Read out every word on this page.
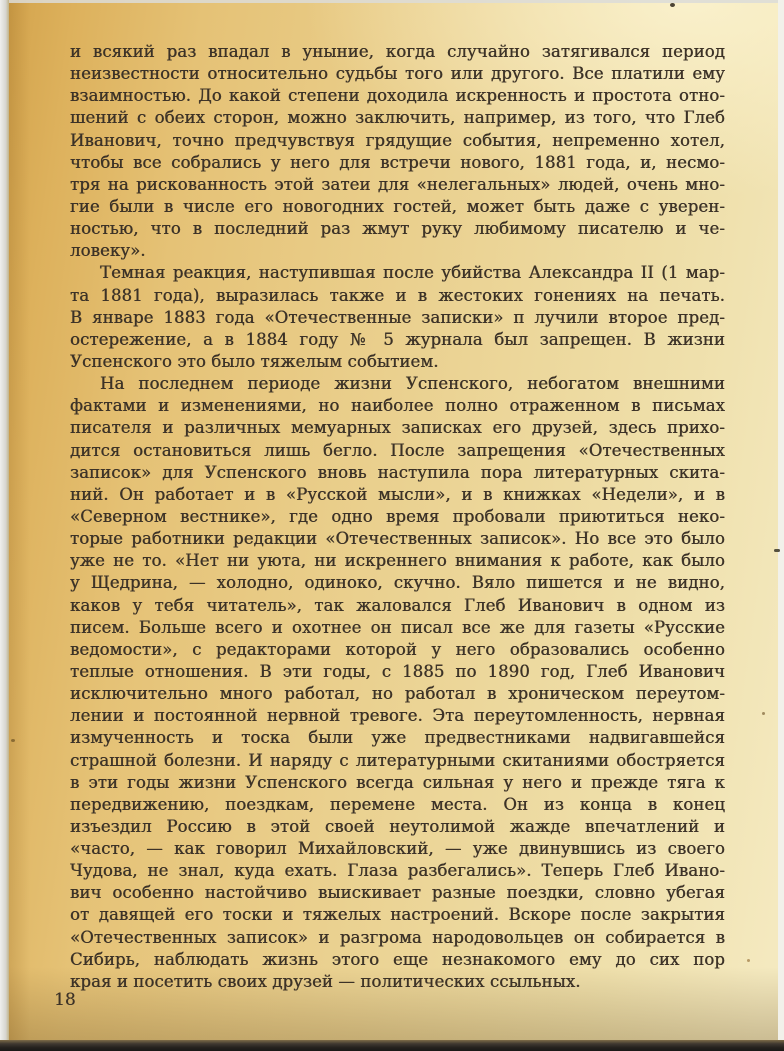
и всякий раз впадал в уныние, когда случайно затягивался период
неизвестности относительно судьбы того или другого. Все платили ему
взаимностью. До какой степени доходила искренность и простота отно-
шений с обеих сторон, можно заключить, например, из того, что Глеб
Иванович, точно предчувствуя грядущие события, непременно хотел,
чтобы все собрались у него для встречи нового, 1881 года, и, несмо-
тря на рискованность этой затеи для «нелегальных» людей, очень мно-
гие были в числе его новогодних гостей, может быть даже с уверен-
ностью, что в последний раз жмут руку любимому писателю и че-
ловеку».
Темная реакция, наступившая после убийства Александра II (1 мар-
та 1881 года), выразилась также и в жестоких гонениях на печать.
В январе 1883 года «Отечественные записки» п лучили второе пред-
остережение, а в 1884 году № 5 журнала был запрещен. В жизни
Успенского это было тяжелым событием.
На последнем периоде жизни Успенского, небогатом внешними
фактами и изменениями, но наиболее полно отраженном в письмах
писателя и различных мемуарных записках его друзей, здесь прихо-
дится остановиться лишь бегло. После запрещения «Отечественных
записок» для Успенского вновь наступила пора литературных скита-
ний. Он работает и в «Русской мысли», и в книжках «Недели», и в
«Северном вестнике», где одно время пробовали приютиться неко-
торые работники редакции «Отечественных записок». Но все это было
уже не то. «Нет ни уюта, ни искреннего внимания к работе, как было
у Щедрина, — холодно, одиноко, скучно. Вяло пишется и не видно,
каков у тебя читатель», так жаловался Глеб Иванович в одном из
писем. Больше всего и охотнее он писал все же для газеты «Русские
ведомости», с редакторами которой у него образовались особенно
теплые отношения. В эти годы, с 1885 по 1890 год, Глеб Иванович
исключительно много работал, но работал в хроническом переутом-
лении и постоянной нервной тревоге. Эта переутомленность, нервная
измученность и тоска были уже предвестниками надвигавшейся
страшной болезни. И наряду с литературными скитаниями обостряется
в эти годы жизни Успенского всегда сильная у него и прежде тяга к
передвижению, поездкам, перемене места. Он из конца в конец
изъездил Россию в этой своей неутолимой жажде впечатлений и
«часто, — как говорил Михайловский, — уже двинувшись из своего
Чудова, не знал, куда ехать. Глаза разбегались». Теперь Глеб Ивано-
вич особенно настойчиво выискивает разные поездки, словно убегая
от давящей его тоски и тяжелых настроений. Вскоре после закрытия
«Отечественных записок» и разгрома народовольцев он собирается в
Сибирь, наблюдать жизнь этого еще незнакомого ему до сих пор
края и посетить своих друзей — политических ссыльных.
18
